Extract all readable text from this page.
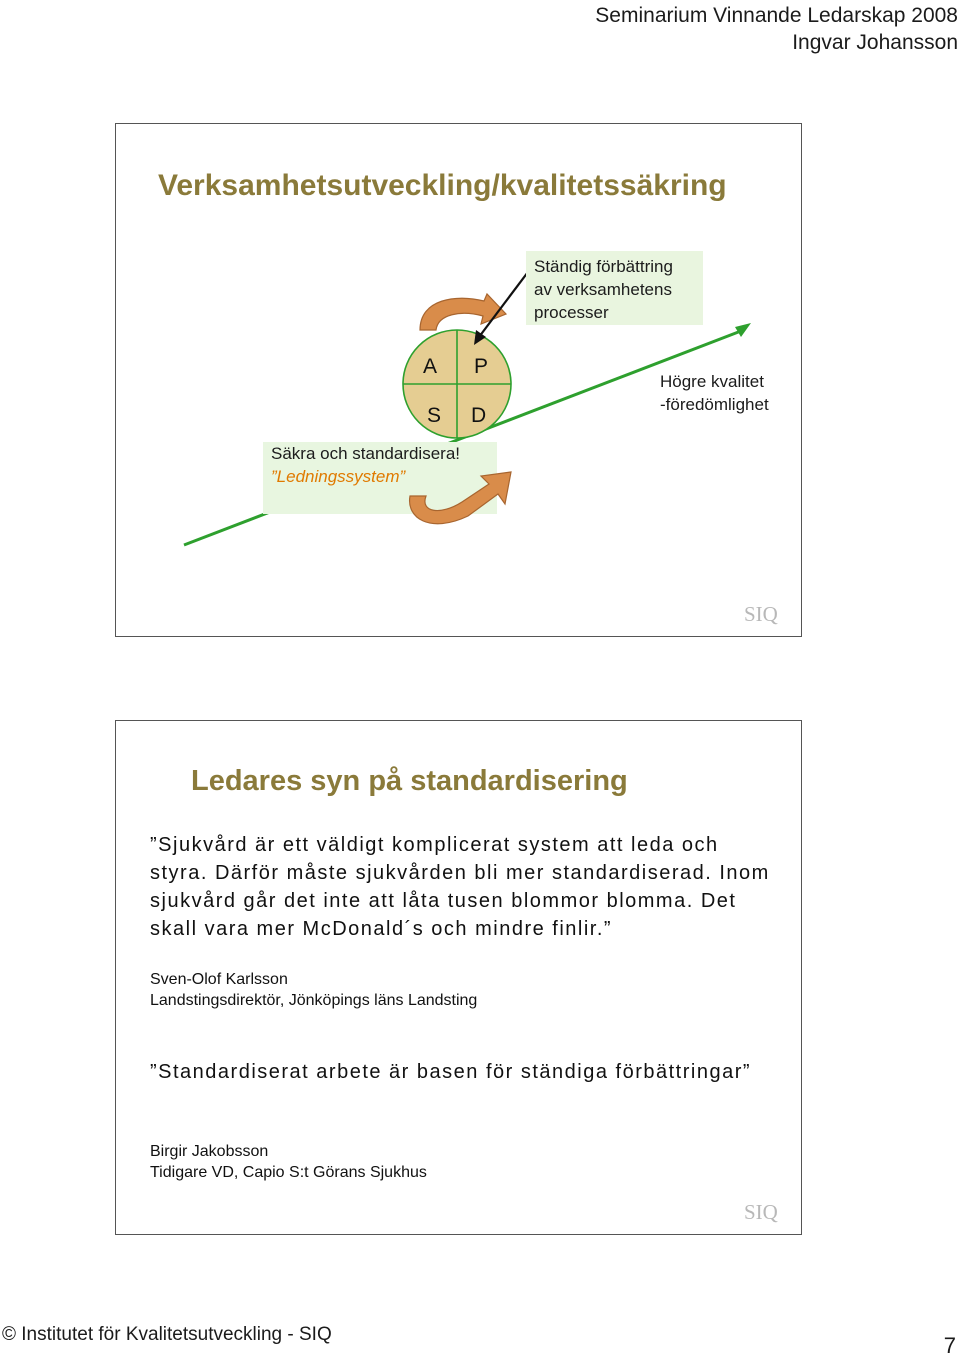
Seminarium Vinnande Ledarskap 2008
Ingvar Johansson
Verksamhetsutveckling/kvalitetssäkring
A P
S D
Ständig förbättring av verksamhetens processer
Högre kvalitet
-föredömlighet
Säkra och standardisera!
”Ledningssystem”
SIQ
Ledares syn på standardisering
”Sjukvård är ett väldigt komplicerat system att leda och styra. Därför måste sjukvården bli mer standardiserad. Inom sjukvård går det inte att låta tusen blommor blomma. Det skall vara mer McDonald´s och mindre finlir.”
Sven-Olof Karlsson
Landstingsdirektör, Jönköpings läns Landsting
”Standardiserat arbete är basen för ständiga förbättringar”
Birgir Jakobsson
Tidigare VD, Capio S:t Görans Sjukhus
SIQ
© Institutet för Kvalitetsutveckling - SIQ	7
